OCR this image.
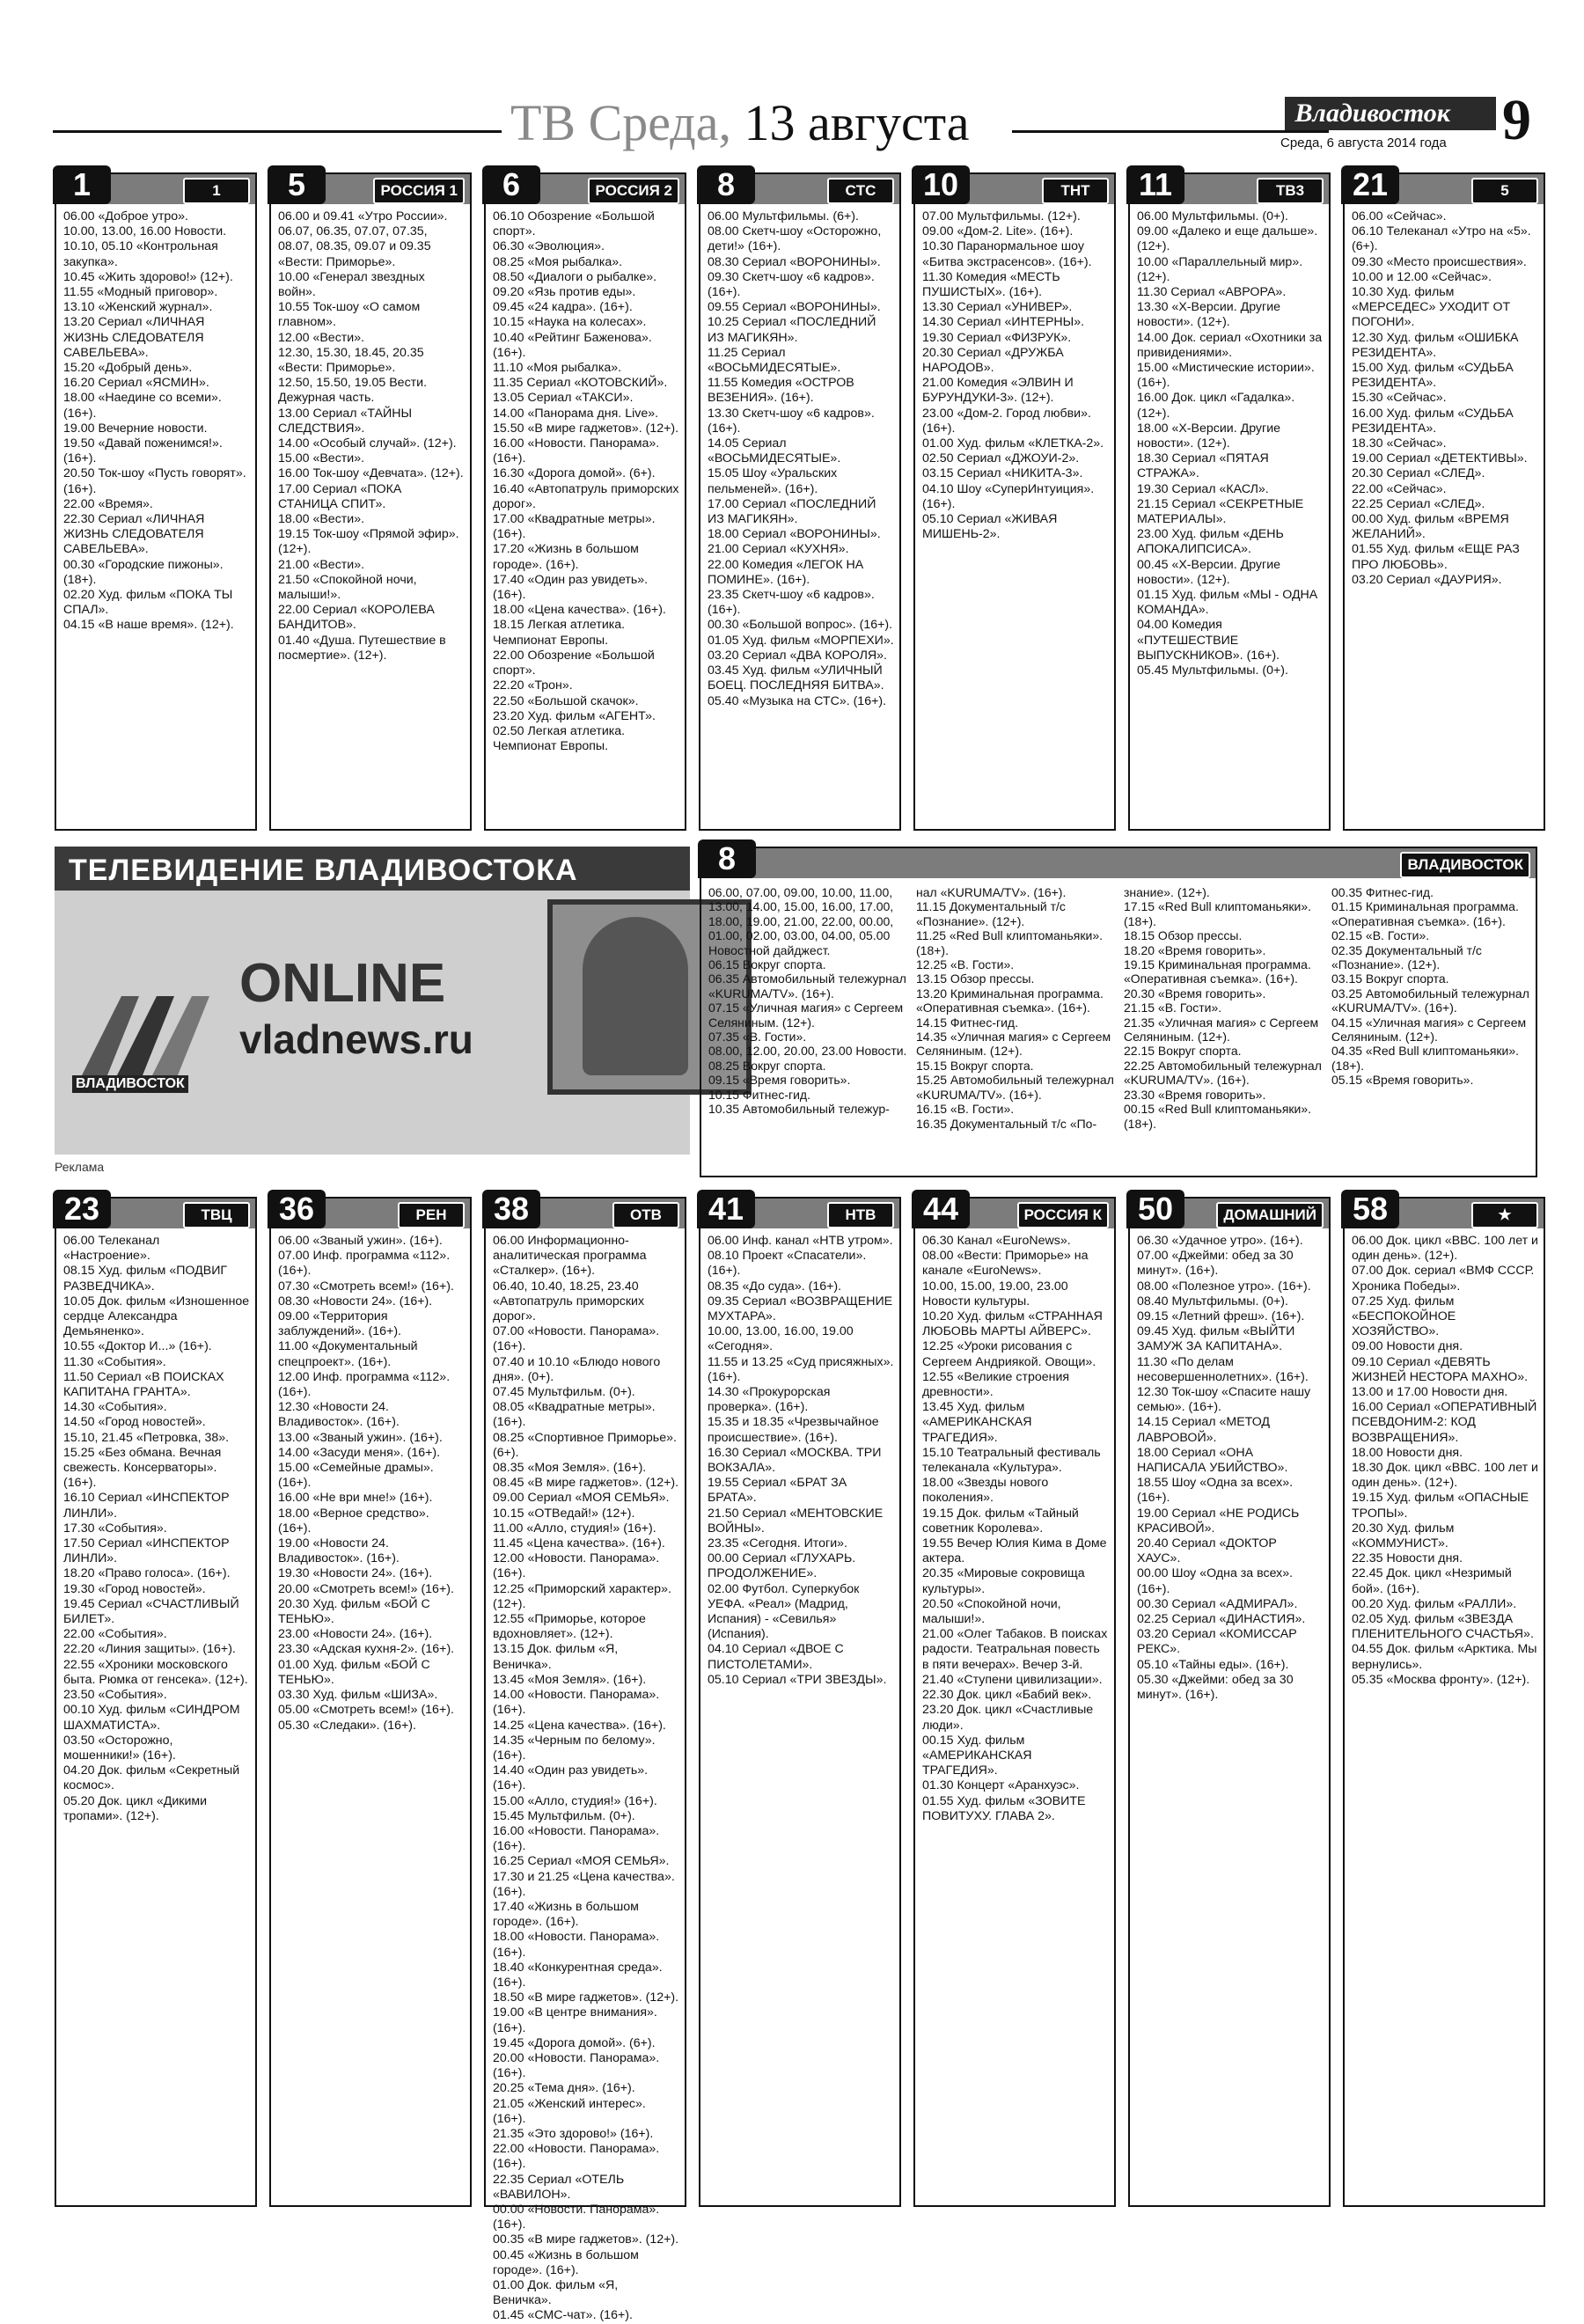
ТВ Среда, 13 августа	Владивосток 9
Среда, 6 августа 2014 года
1	1

06.00 «Доброе утро».

10.00, 13.00, 16.00 Новости.

10.10, 05.10 «Контрольная закупка».

10.45 «Жить здорово!» (12+).

11.55 «Модный приговор».

13.10 «Женский журнал».

13.20 Сериал «ЛИЧНАЯ ЖИЗНЬ СЛЕДОВАТЕЛЯ САВЕЛЬЕВА».

15.20 «Добрый день».

16.20 Сериал «ЯСМИН».

18.00 «Наедине со всеми». (16+).

19.00 Вечерние новости.

19.50 «Давай поженимся!». (16+).

20.50 Ток-шоу «Пусть говорят». (16+).

22.00 «Время».

22.30 Сериал «ЛИЧНАЯ ЖИЗНЬ СЛЕДОВАТЕЛЯ САВЕЛЬЕВА».

00.30 «Городские пижоны». (18+).

02.20 Худ. фильм «ПОКА ТЫ СПАЛ».

04.15 «В наше время». (12+).

5	РОССИЯ 1

06.00 и 09.41 «Утро России».

06.07, 06.35, 07.07, 07.35, 08.07, 08.35, 09.07 и 09.35 «Вести: Приморье».

10.00 «Генерал звездных войн».

10.55 Ток-шоу «О самом главном».

12.00 «Вести».

12.30, 15.30, 18.45, 20.35 «Вести: Приморье».

12.50, 15.50, 19.05 Вести. Дежурная часть.

13.00 Сериал «ТАЙНЫ СЛЕДСТВИЯ».

14.00 «Особый случай». (12+).

15.00 «Вести».

16.00 Ток-шоу «Девчата». (12+).

17.00 Сериал «ПОКА СТАНИЦА СПИТ».

18.00 «Вести».

19.15 Ток-шоу «Прямой эфир». (12+).

21.00 «Вести».

21.50 «Спокойной ночи, малыши!».

22.00 Сериал «КОРОЛЕВА БАНДИТОВ».

01.40 «Душа. Путешествие в посмертие». (12+).

6	РОССИЯ 2

06.10 Обозрение «Большой спорт».

06.30 «Эволюция».

08.25 «Моя рыбалка».

08.50 «Диалоги о рыбалке».

09.20 «Язь против еды».

09.45 «24 кадра». (16+).

10.15 «Наука на колесах».

10.40 «Рейтинг Баженова». (16+).

11.10 «Моя рыбалка».

11.35 Сериал «КОТОВСКИЙ».

13.05 Сериал «ТАКСИ».

14.00 «Панорама дня. Live».

15.50 «В мире гаджетов». (12+).

16.00 «Новости. Панорама». (16+).

16.30 «Дорога домой». (6+).

16.40 «Автопатруль приморских дорог».

17.00 «Квадратные метры». (16+).

17.20 «Жизнь в большом городе». (16+).

17.40 «Один раз увидеть». (16+).

18.00 «Цена качества». (16+).

18.15 Легкая атлетика. Чемпионат Европы.

22.00 Обозрение «Большой спорт».

22.20 «Трон».

22.50 «Большой скачок».

23.20 Худ. фильм «АГЕНТ».

02.50 Легкая атлетика. Чемпионат Европы.

8	CTC

06.00 Мультфильмы. (6+).

08.00 Скетч-шоу «Осторожно, дети!» (16+).

08.30 Сериал «ВОРОНИНЫ».

09.30 Скетч-шоу «6 кадров». (16+).

09.55 Сериал «ВОРОНИНЫ».

10.25 Сериал «ПОСЛЕДНИЙ ИЗ МАГИКЯН».

11.25 Сериал «ВОСЬМИДЕСЯТЫЕ».

11.55 Комедия «ОСТРОВ ВЕЗЕНИЯ». (16+).

13.30 Скетч-шоу «6 кадров». (16+).

14.05 Сериал «ВОСЬМИДЕСЯТЫЕ».

15.05 Шоу «Уральских пельменей». (16+).

17.00 Сериал «ПОСЛЕДНИЙ ИЗ МАГИКЯН».

18.00 Сериал «ВОРОНИНЫ».

21.00 Сериал «КУХНЯ».

22.00 Комедия «ЛЕГОК НА ПОМИНЕ». (16+).

23.35 Скетч-шоу «6 кадров». (16+).

00.30 «Большой вопрос». (16+).

01.05 Худ. фильм «МОРПЕХИ».

03.20 Сериал «ДВА КОРОЛЯ».

03.45 Худ. фильм «УЛИЧНЫЙ БОЕЦ. ПОСЛЕДНЯЯ БИТВА».

05.40 «Музыка на СТС». (16+).

10	ТНТ

07.00 Мультфильмы. (12+).

09.00 «Дом-2. Lite». (16+).

10.30 Паранормальное шоу «Битва экстрасенсов». (16+).

11.30 Комедия «МЕСТЬ ПУШИСТЫХ». (16+).

13.30 Сериал «УНИВЕР».

14.30 Сериал «ИНТЕРНЫ».

19.30 Сериал «ФИЗРУК».

20.30 Сериал «ДРУЖБА НАРОДОВ».

21.00 Комедия «ЭЛВИН И БУРУНДУКИ-3». (12+).

23.00 «Дом-2. Город любви». (16+).

01.00 Худ. фильм «КЛЕТКА-2».

02.50 Сериал «ДЖОУИ-2».

03.15 Сериал «НИКИТА-3».

04.10 Шоу «СуперИнтуиция». (16+).

05.10 Сериал «ЖИВАЯ МИШЕНЬ-2».

11	ТВ3

06.00 Мультфильмы. (0+).

09.00 «Далеко и еще дальше». (12+).

10.00 «Параллельный мир». (12+).

11.30 Сериал «АВРОРА».

13.30 «Х-Версии. Другие новости». (12+).

14.00 Док. сериал «Охотники за привидениями».

15.00 «Мистические истории». (16+).

16.00 Док. цикл «Гадалка». (12+).

18.00 «Х-Версии. Другие новости». (12+).

18.30 Сериал «ПЯТАЯ СТРАЖА».

19.30 Сериал «КАСЛ».

21.15 Сериал «СЕКРЕТНЫЕ МАТЕРИАЛЫ».

23.00 Худ. фильм «ДЕНЬ АПОКАЛИПСИСА».

00.45 «Х-Версии. Другие новости». (12+).

01.15 Худ. фильм «МЫ - ОДНА КОМАНДА».

04.00 Комедия «ПУТЕШЕСТВИЕ ВЫПУСКНИКОВ». (16+).

05.45 Мультфильмы. (0+).

21	5

06.00 «Сейчас».

06.10 Телеканал «Утро на «5». (6+).

09.30 «Место происшествия».

10.00 и 12.00 «Сейчас».

10.30 Худ. фильм «МЕРСЕДЕС» УХОДИТ ОТ ПОГОНИ».

12.30 Худ. фильм «ОШИБКА РЕЗИДЕНТА».

15.00 Худ. фильм «СУДЬБА РЕЗИДЕНТА».

15.30 «Сейчас».

16.00 Худ. фильм «СУДЬБА РЕЗИДЕНТА».

18.30 «Сейчас».

19.00 Сериал «ДЕТЕКТИВЫ».

20.30 Сериал «СЛЕД».

22.00 «Сейчас».

22.25 Сериал «СЛЕД».

00.00 Худ. фильм «ВРЕМЯ ЖЕЛАНИЙ».

01.55 Худ. фильм «ЕЩЕ РАЗ ПРО ЛЮБОВЬ».

03.20 Сериал «ДАУРИЯ».

ТЕЛЕВИДЕНИЕ ВЛАДИВОСТОКА
ВЛАДИВОСТОК
ONLINE
vladnews.ru
Реклама
8	ВЛАДИВОСТОК

06.00, 07.00, 09.00, 10.00, 11.00, 13.00, 14.00, 15.00, 16.00, 17.00, 18.00, 19.00, 21.00, 22.00, 00.00, 01.00, 02.00, 03.00, 04.00, 05.00 Новостной дайджест.

06.15 Вокруг спорта.

06.35 Автомобильный тележурнал «KURUMA/TV». (16+).

07.15 «Уличная магия» с Сергеем Селяниным. (12+).

07.35 «В. Гости».

08.00, 12.00, 20.00, 23.00 Новости.

08.25 Вокруг спорта.

09.15 «Время говорить».

10.15 Фитнес-гид.

10.35 Автомобильный тележур-

нал «KURUMA/TV». (16+).

11.15 Документальный т/с «Познание». (12+).

11.25 «Red Bull клиптоманьяки». (18+).

12.25 «В. Гости».

13.15 Обзор прессы.

13.20 Криминальная программа. «Оперативная съемка». (16+).

14.15 Фитнес-гид.

14.35 «Уличная магия» с Сергеем Селяниным. (12+).

15.15 Вокруг спорта.

15.25 Автомобильный тележурнал «KURUMA/TV». (16+).

16.15 «В. Гости».

16.35 Документальный т/с «По-

знание». (12+).

17.15 «Red Bull клиптоманьяки». (18+).

18.15 Обзор прессы.

18.20 «Время говорить».

19.15 Криминальная программа. «Оперативная съемка». (16+).

20.30 «Время говорить».

21.15 «В. Гости».

21.35 «Уличная магия» с Сергеем Селяниным. (12+).

22.15 Вокруг спорта.

22.25 Автомобильный тележурнал «KURUMA/TV». (16+).

23.30 «Время говорить».

00.15 «Red Bull клиптоманьяки». (18+).

00.35 Фитнес-гид.

01.15 Криминальная программа. «Оперативная съемка». (16+).

02.15 «В. Гости».

02.35 Документальный т/с «Познание». (12+).

03.15 Вокруг спорта.

03.25 Автомобильный тележурнал «KURUMA/TV». (16+).

04.15 «Уличная магия» с Сергеем Селяниным. (12+).

04.35 «Red Bull клиптоманьяки». (18+).

05.15 «Время говорить».

23	ТВЦ

06.00 Телеканал «Настроение».

08.15 Худ. фильм «ПОДВИГ РАЗВЕДЧИКА».

10.05 Док. фильм «Изношенное сердце Александра Демьяненко».

10.55 «Доктор И...» (16+).

11.30 «События».

11.50 Сериал «В ПОИСКАХ КАПИТАНА ГРАНТА».

14.30 «События».

14.50 «Город новостей».

15.10, 21.45 «Петровка, 38».

15.25 «Без обмана. Вечная свежесть. Консерваторы». (16+).

16.10 Сериал «ИНСПЕКТОР ЛИНЛИ».

17.30 «События».

17.50 Сериал «ИНСПЕКТОР ЛИНЛИ».

18.20 «Право голоса». (16+).

19.30 «Город новостей».

19.45 Сериал «СЧАСТЛИВЫЙ БИЛЕТ».

22.00 «События».

22.20 «Линия защиты». (16+).

22.55 «Хроники московского быта. Рюмка от генсека». (12+).

23.50 «События».

00.10 Худ. фильм «СИНДРОМ ШАХМАТИСТА».

03.50 «Осторожно, мошенники!» (16+).

04.20 Док. фильм «Секретный космос».

05.20 Док. цикл «Дикими тропами». (12+).

36	РЕН

06.00 «Званый ужин». (16+).

07.00 Инф. программа «112». (16+).

07.30 «Смотреть всем!» (16+).

08.30 «Новости 24». (16+).

09.00 «Территория заблуждений». (16+).

11.00 «Документальный спецпроект». (16+).

12.00 Инф. программа «112». (16+).

12.30 «Новости 24. Владивосток». (16+).

13.00 «Званый ужин». (16+).

14.00 «Засуди меня». (16+).

15.00 «Семейные драмы». (16+).

16.00 «Не ври мне!» (16+).

18.00 «Верное средство». (16+).

19.00 «Новости 24. Владивосток». (16+).

19.30 «Новости 24». (16+).

20.00 «Смотреть всем!» (16+).

20.30 Худ. фильм «БОЙ С ТЕНЬЮ».

23.00 «Новости 24». (16+).

23.30 «Адская кухня-2». (16+).

01.00 Худ. фильм «БОЙ С ТЕНЬЮ».

03.30 Худ. фильм «ШИЗА».

05.00 «Смотреть всем!» (16+).

05.30 «Следаки». (16+).

38	ОТВ

06.00 Информационно-аналитическая программа «Сталкер». (16+).

06.40, 10.40, 18.25, 23.40 «Автопатруль приморских дорог».

07.00 «Новости. Панорама». (16+).

07.40 и 10.10 «Блюдо нового дня». (0+).

07.45 Мультфильм. (0+).

08.05 «Квадратные метры». (16+).

08.25 «Спортивное Приморье». (6+).

08.35 «Моя Земля». (16+).

08.45 «В мире гаджетов». (12+).

09.00 Сериал «МОЯ СЕМЬЯ».

10.15 «ОТВедай!» (12+).

11.00 «Алло, студия!» (16+).

11.45 «Цена качества». (16+).

12.00 «Новости. Панорама». (16+).

12.25 «Приморский характер». (12+).

12.55 «Приморье, которое вдохновляет». (12+).

13.15 Док. фильм «Я, Веничка».

13.45 «Моя Земля». (16+).

14.00 «Новости. Панорама». (16+).

14.25 «Цена качества». (16+).

14.35 «Черным по белому». (16+).

14.40 «Один раз увидеть». (16+).

15.00 «Алло, студия!» (16+).

15.45 Мультфильм. (0+).

16.00 «Новости. Панорама». (16+).

16.25 Сериал «МОЯ СЕМЬЯ».

17.30 и 21.25 «Цена качества». (16+).

17.40 «Жизнь в большом городе». (16+).

18.00 «Новости. Панорама». (16+).

18.40 «Конкурентная среда». (16+).

18.50 «В мире гаджетов». (12+).

19.00 «В центре внимания». (16+).

19.45 «Дорога домой». (6+).

20.00 «Новости. Панорама». (16+).

20.25 «Тема дня». (16+).

21.05 «Женский интерес». (16+).

21.35 «Это здорово!» (16+).

22.00 «Новости. Панорама». (16+).

22.35 Сериал «ОТЕЛЬ «ВАВИЛОН».

00.00 «Новости. Панорама». (16+).

00.35 «В мире гаджетов». (12+).

00.45 «Жизнь в большом городе». (16+).

01.00 Док. фильм «Я, Веничка».

01.45 «СМС-чат». (16+).

41	НТВ

06.00 Инф. канал «НТВ утром».

08.10 Проект «Спасатели». (16+).

08.35 «До суда». (16+).

09.35 Сериал «ВОЗВРАЩЕНИЕ МУХТАРА».

10.00, 13.00, 16.00, 19.00 «Сегодня».

11.55 и 13.25 «Суд присяжных». (16+).

14.30 «Прокурорская проверка». (16+).

15.35 и 18.35 «Чрезвычайное происшествие». (16+).

16.30 Сериал «МОСКВА. ТРИ ВОКЗАЛА».

19.55 Сериал «БРАТ ЗА БРАТА».

21.50 Сериал «МЕНТОВСКИЕ ВОЙНЫ».

23.35 «Сегодня. Итоги».

00.00 Сериал «ГЛУХАРЬ. ПРОДОЛЖЕНИЕ».

02.00 Футбол. Суперкубок УЕФА. «Реал» (Мадрид, Испания) - «Севилья» (Испания).

04.10 Сериал «ДВОЕ С ПИСТОЛЕТАМИ».

05.10 Сериал «ТРИ ЗВЕЗДЫ».

44	РОССИЯ К

06.30 Канал «EuroNews».

08.00 «Вести: Приморье» на канале «EuroNews».

10.00, 15.00, 19.00, 23.00 Новости культуры.

10.20 Худ. фильм «СТРАННАЯ ЛЮБОВЬ МАРТЫ АЙВЕРС».

12.25 «Уроки рисования с Сергеем Андриякой. Овощи».

12.55 «Великие строения древности».

13.45 Худ. фильм «АМЕРИКАНСКАЯ ТРАГЕДИЯ».

15.10 Театральный фестиваль телеканала «Культура».

18.00 «Звезды нового поколения».

19.15 Док. фильм «Тайный советник Королева».

19.55 Вечер Юлия Кима в Доме актера.

20.35 «Мировые сокровища культуры».

20.50 «Спокойной ночи, малыши!».

21.00 «Олег Табаков. В поисках радости. Театральная повесть в пяти вечерах». Вечер 3-й.

21.40 «Ступени цивилизации».

22.30 Док. цикл «Бабий век».

23.20 Док. цикл «Счастливые люди».

00.15 Худ. фильм «АМЕРИКАНСКАЯ ТРАГЕДИЯ».

01.30 Концерт «Аранхуэс».

01.55 Худ. фильм «ЗОВИТЕ ПОВИТУХУ. ГЛАВА 2».

50	ДОМАШНИЙ

06.30 «Удачное утро». (16+).

07.00 «Джейми: обед за 30 минут». (16+).

08.00 «Полезное утро». (16+).

08.40 Мультфильмы. (0+).

09.15 «Летний фреш». (16+).

09.45 Худ. фильм «ВЫЙТИ ЗАМУЖ ЗА КАПИТАНА».

11.30 «По делам несовершеннолетних». (16+).

12.30 Ток-шоу «Спасите нашу семью». (16+).

14.15 Сериал «МЕТОД ЛАВРОВОЙ».

18.00 Сериал «ОНА НАПИСАЛА УБИЙСТВО».

18.55 Шоу «Одна за всех». (16+).

19.00 Сериал «НЕ РОДИСЬ КРАСИВОЙ».

20.40 Сериал «ДОКТОР ХАУС».

00.00 Шоу «Одна за всех». (16+).

00.30 Сериал «АДМИРАЛ».

02.25 Сериал «ДИНАСТИЯ».

03.20 Сериал «КОМИССАР РЕКС».

05.10 «Тайны еды». (16+).

05.30 «Джейми: обед за 30 минут». (16+).

58	★

06.00 Док. цикл «ВВС. 100 лет и один день». (12+).

07.00 Док. сериал «ВМФ СССР. Хроника Победы».

07.25 Худ. фильм «БЕСПОКОЙНОЕ ХОЗЯЙСТВО».

09.00 Новости дня.

09.10 Сериал «ДЕВЯТЬ ЖИЗНЕЙ НЕСТОРА МАХНО».

13.00 и 17.00 Новости дня.

16.00 Сериал «ОПЕРАТИВНЫЙ ПСЕВДОНИМ-2: КОД ВОЗВРАЩЕНИЯ».

18.00 Новости дня.

18.30 Док. цикл «ВВС. 100 лет и один день». (12+).

19.15 Худ. фильм «ОПАСНЫЕ ТРОПЫ».

20.30 Худ. фильм «КОММУНИСТ».

22.35 Новости дня.

22.45 Док. цикл «Незримый бой». (16+).

00.20 Худ. фильм «РАЛЛИ».

02.05 Худ. фильм «ЗВЕЗДА ПЛЕНИТЕЛЬНОГО СЧАСТЬЯ».

04.55 Док. фильм «Арктика. Мы вернулись».

05.35 «Москва фронту». (12+).
